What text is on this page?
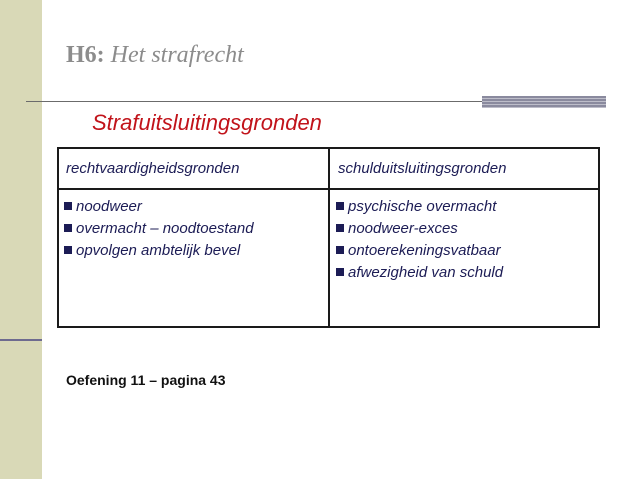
H6: Het strafrecht
Strafuitsluitingsgronden
rechtvaardigheidsgronden	schulduitsluitingsgronden
noodweer
overmacht – noodtoestand
opvolgen ambtelijk bevel
psychische overmacht
noodweer-exces
ontoerekeningsvatbaar
afwezigheid van schuld
Oefening 11 – pagina 43
